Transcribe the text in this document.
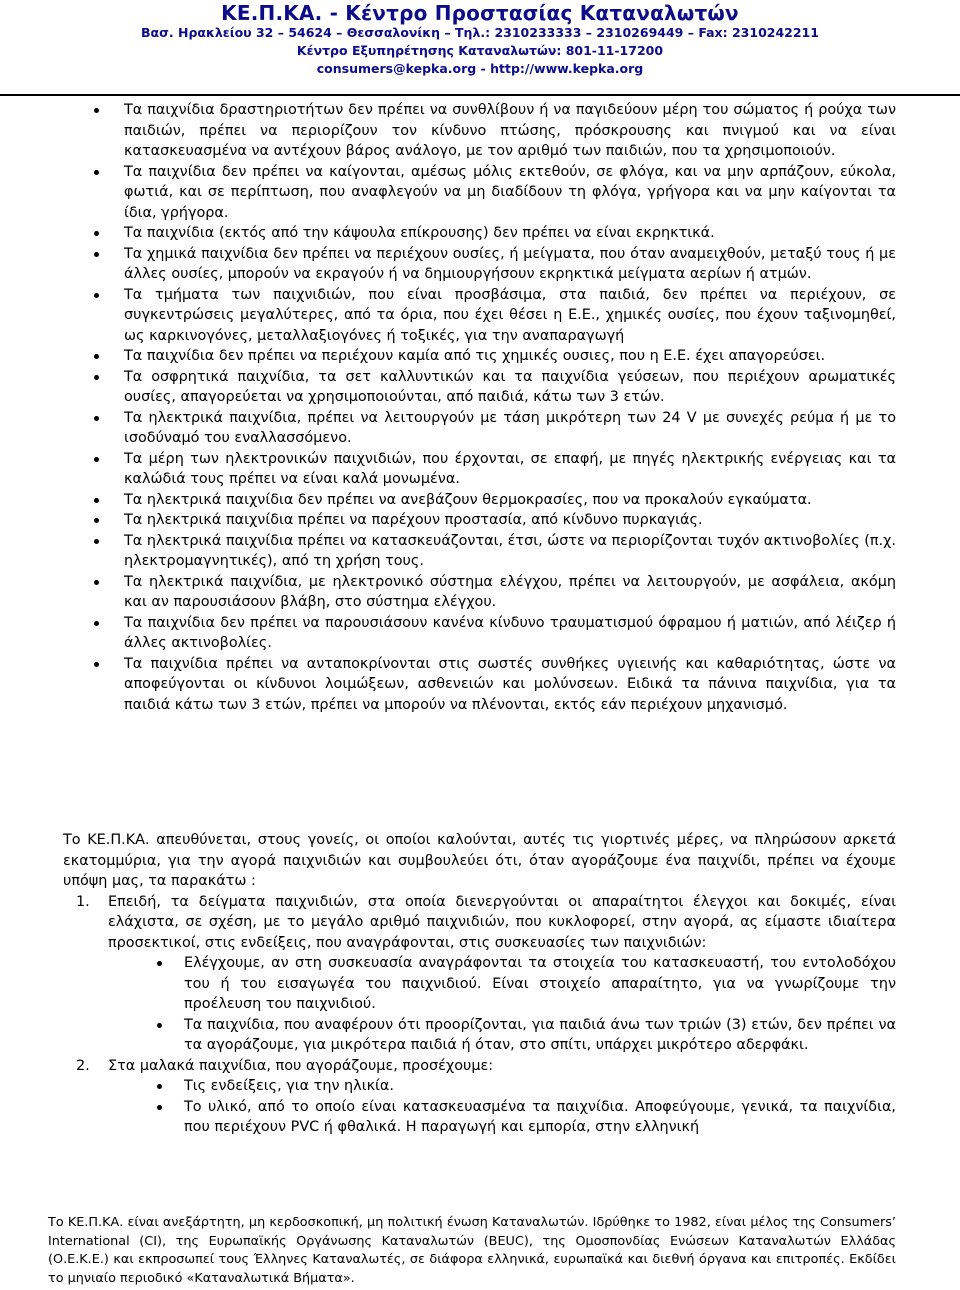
ΚΕ.Π.ΚΑ. - Κέντρο Προστασίας Καταναλωτών
Βασ. Ηρακλείου 32 – 54624 – Θεσσαλονίκη – Τηλ.: 2310233333 – 2310269449 – Fax: 2310242211
Κέντρο Εξυπηρέτησης Καταναλωτών: 801-11-17200
consumers@kepka.org - http://www.kepka.org
Τα παιχνίδια δραστηριοτήτων δεν πρέπει να συνθλίβουν ή να παγιδεύουν μέρη του σώματος ή ρούχα των παιδιών, πρέπει να περιορίζουν τον κίνδυνο πτώσης, πρόσκρουσης και πνιγμού και να είναι κατασκευασμένα να αντέχουν βάρος ανάλογο, με τον αριθμό των παιδιών, που τα χρησιμοποιούν.
Τα παιχνίδια δεν πρέπει να καίγονται, αμέσως μόλις εκτεθούν, σε φλόγα, και να μην αρπάζουν, εύκολα, φωτιά, και σε περίπτωση, που αναφλεγούν να μη διαδίδουν τη φλόγα, γρήγορα και να μην καίγονται τα ίδια, γρήγορα.
Τα παιχνίδια (εκτός από την κάψουλα επίκρουσης) δεν πρέπει να είναι εκρηκτικά.
Τα χημικά παιχνίδια δεν πρέπει να περιέχουν ουσίες, ή μείγματα, που όταν αναμειχθούν, μεταξύ τους ή με άλλες ουσίες, μπορούν να εκραγούν ή να δημιουργήσουν εκρηκτικά μείγματα αερίων ή ατμών.
Τα τμήματα των παιχνιδιών, που είναι προσβάσιμα, στα παιδιά, δεν πρέπει να περιέχουν, σε συγκεντρώσεις μεγαλύτερες, από τα όρια, που έχει θέσει η Ε.Ε., χημικές ουσίες, που έχουν ταξινομηθεί, ως καρκινογόνες, μεταλλαξιογόνες ή τοξικές, για την αναπαραγωγή
Τα παιχνίδια δεν πρέπει να περιέχουν καμία από τις χημικές ουσιες, που η Ε.Ε. έχει απαγορεύσει.
Τα οσφρητικά παιχνίδια, τα σετ καλλυντικών και τα παιχνίδια γεύσεων, που περιέχουν αρωματικές ουσίες, απαγορεύεται να χρησιμοποιούνται, από παιδιά, κάτω των 3 ετών.
Τα ηλεκτρικά παιχνίδια, πρέπει να λειτουργούν με τάση μικρότερη των 24 V με συνεχές ρεύμα ή με το ισοδύναμό του εναλλασσόμενο.
Τα μέρη των ηλεκτρονικών παιχνιδιών, που έρχονται, σε επαφή, με πηγές ηλεκτρικής ενέργειας και τα καλώδιά τους πρέπει να είναι καλά μονωμένα.
Τα ηλεκτρικά παιχνίδια δεν πρέπει να ανεβάζουν θερμοκρασίες, που να προκαλούν εγκαύματα.
Τα ηλεκτρικά παιχνίδια πρέπει να παρέχουν προστασία, από κίνδυνο πυρκαγιάς.
Τα ηλεκτρικά παιχνίδια πρέπει να κατασκευάζονται, έτσι, ώστε να περιορίζονται τυχόν ακτινοβολίες (π.χ. ηλεκτρομαγνητικές), από τη χρήση τους.
Τα ηλεκτρικά παιχνίδια, με ηλεκτρονικό σύστημα ελέγχου, πρέπει να λειτουργούν, με ασφάλεια, ακόμη και αν παρουσιάσουν βλάβη, στο σύστημα ελέγχου.
Τα παιχνίδια δεν πρέπει να παρουσιάσουν κανένα κίνδυνο τραυματισμού όφραμου ή ματιών, από λέιζερ ή άλλες ακτινοβολίες.
Τα παιχνίδια πρέπει να ανταποκρίνονται στις σωστές συνθήκες υγιεινής και καθαριότητας, ώστε να αποφεύγονται οι κίνδυνοι λοιμώξεων, ασθενειών και μολύνσεων. Ειδικά τα πάνινα παιχνίδια, για τα παιδιά κάτω των 3 ετών, πρέπει να μπορούν να πλένονται, εκτός εάν περιέχουν μηχανισμό.

Το ΚΕ.Π.ΚΑ. απευθύνεται, στους γονείς, οι οποίοι καλούνται, αυτές τις γιορτινές μέρες, να πληρώσουν αρκετά εκατομμύρια, για την αγορά παιχνιδιών και συμβουλεύει ότι, όταν αγοράζουμε ένα παιχνίδι, πρέπει να έχουμε υπόψη μας, τα παρακάτω :

1. Επειδή, τα δείγματα παιχνιδιών, στα οποία διενεργούνται οι απαραίτητοι έλεγχοι και δοκιμές, είναι ελάχιστα, σε σχέση, με το μεγάλο αριθμό παιχνιδιών, που κυκλοφορεί, στην αγορά, ας είμαστε ιδιαίτερα προσεκτικοί, στις ενδείξεις, που αναγράφονται, στις συσκευασίες των παιχνιδιών:
Ελέγχουμε, αν στη συσκευασία αναγράφονται τα στοιχεία του κατασκευαστή, του εντολοδόχου του ή του εισαγωγέα του παιχνιδιού. Είναι στοιχείο απαραίτητο, για να γνωρίζουμε την προέλευση του παιχνιδιού.
Τα παιχνίδια, που αναφέρουν ότι προορίζονται, για παιδιά άνω των τριών (3) ετών, δεν πρέπει να τα αγοράζουμε, για μικρότερα παιδιά ή όταν, στο σπίτι, υπάρχει μικρότερο αδερφάκι.
2. Στα μαλακά παιχνίδια, που αγοράζουμε, προσέχουμε:
Τις ενδείξεις, για την ηλικία.
Το υλικό, από το οποίο είναι κατασκευασμένα τα παιχνίδια. Αποφεύγουμε, γενικά, τα παιχνίδια, που περιέχουν PVC ή φθαλικά. Η παραγωγή και εμπορία, στην ελληνική

Το ΚΕ.Π.ΚΑ. είναι ανεξάρτητη, μη κερδοσκοπική, μη πολιτική ένωση Καταναλωτών. Ιδρύθηκε το 1982, είναι μέλος της Consumers’ International (CI), της Ευρωπαϊκής Οργάνωσης Καταναλωτών (BEUC), της Ομοσπονδίας Ενώσεων Καταναλωτών Ελλάδας (Ο.Ε.Κ.Ε.) και εκπροσωπεί τους Έλληνες Καταναλωτές, σε διάφορα ελληνικά, ευρωπαϊκά και διεθνή όργανα και επιτροπές. Εκδίδει το μηνιαίο περιοδικό «Καταναλωτικά Βήματα».
